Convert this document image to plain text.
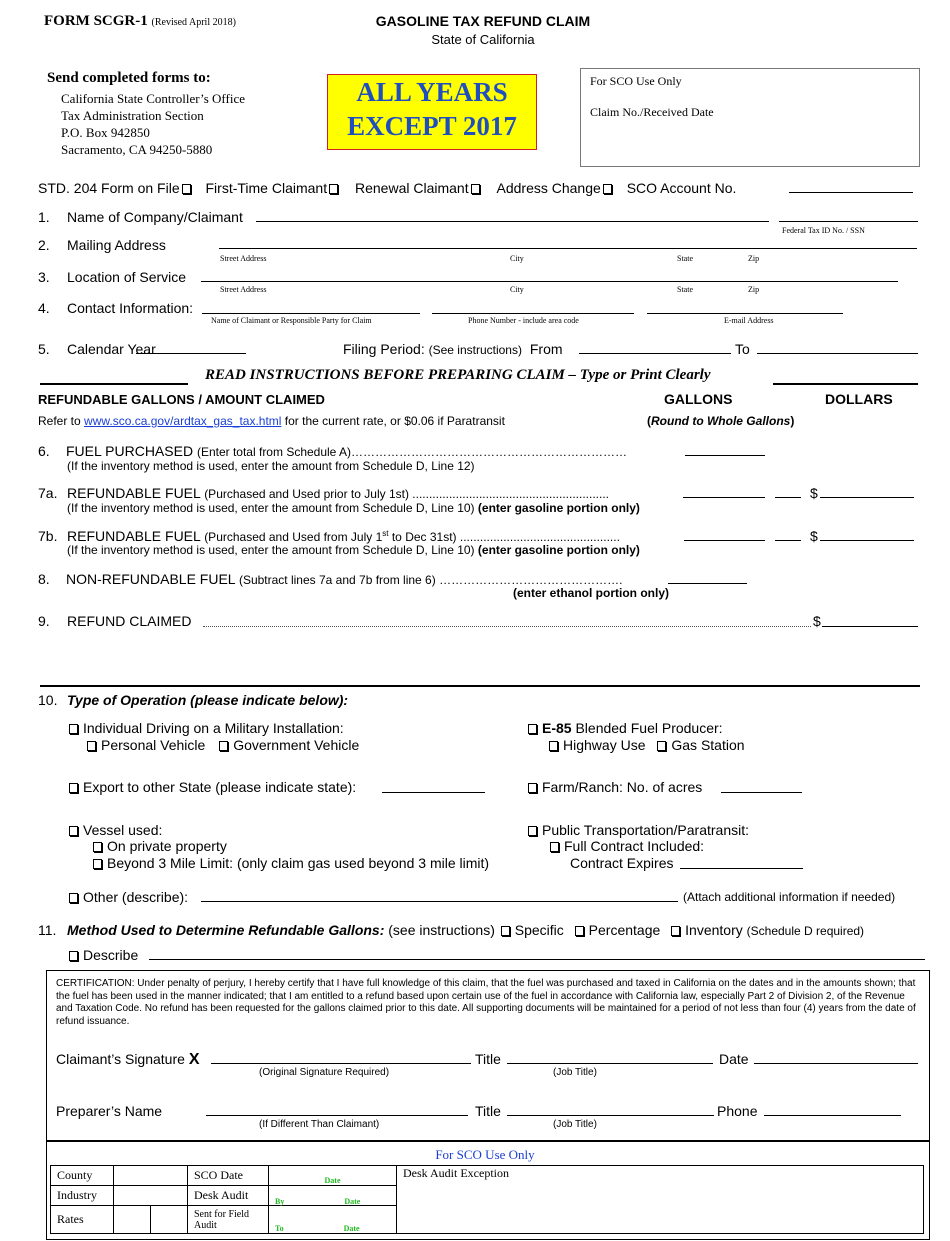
FORM SCGR-1 (Revised April 2018)	GASOLINE TAX REFUND CLAIM
State of California
Send completed forms to:
California State Controller’s Office
Tax Administration Section
P.O. Box 942850
Sacramento, CA 94250-5880
ALL YEARS
EXCEPT 2017
For SCO Use Only
Claim No./Received Date
STD. 204 Form on File First-Time Claimant Renewal Claimant Address Change SCO Account No.
1. Name of Company/Claimant
Federal Tax ID No. / SSN
2. Mailing Address
Street Address	City	State	Zip
3. Location of Service
Street Address	City	State	Zip
4. Contact Information:
Name of Claimant or Responsible Party for Claim	Phone Number - include area code	E-mail Address
5. Calendar Year	Filing Period: (See instructions) From	To
READ INSTRUCTIONS BEFORE PREPARING CLAIM – Type or Print Clearly
REFUNDABLE GALLONS / AMOUNT CLAIMED	GALLONS	DOLLARS
Refer to www.sco.ca.gov/ardtax_gas_tax.html for the current rate, or $0.06 if Paratransit	(Round to Whole Gallons)
6. FUEL PURCHASED (Enter total from Schedule A)……………………………………………………………
(If the inventory method is used, enter the amount from Schedule D, Line 12)
7a. REFUNDABLE FUEL (Purchased and Used prior to July 1st) ...........................................................	$
(If the inventory method is used, enter the amount from Schedule D, Line 10) (enter gasoline portion only)
7b. REFUNDABLE FUEL (Purchased and Used from July 1st to Dec 31st) ................................................	$
(If the inventory method is used, enter the amount from Schedule D, Line 10) (enter gasoline portion only)
8. NON-REFUNDABLE FUEL (Subtract lines 7a and 7b from line 6) ……………………………………….
(enter ethanol portion only)
9. REFUND CLAIMED	$
10. Type of Operation (please indicate below):
Individual Driving on a Military Installation:
Personal Vehicle Government Vehicle
E-85 Blended Fuel Producer:
Highway Use Gas Station
Export to other State (please indicate state):	Farm/Ranch: No. of acres
Vessel used:
On private property
Beyond 3 Mile Limit: (only claim gas used beyond 3 mile limit)
Public Transportation/Paratransit:
Full Contract Included:
Contract Expires
Other (describe):	(Attach additional information if needed)
11. Method Used to Determine Refundable Gallons: (see instructions) Specific Percentage Inventory (Schedule D required)
Describe
CERTIFICATION: Under penalty of perjury, I hereby certify that I have full knowledge of this claim, that the fuel was purchased and taxed in California on the dates and in the amounts shown; that the fuel has been used in the manner indicated; that I am entitled to a refund based upon certain use of the fuel in accordance with California law, especially Part 2 of Division 2, of the Revenue and Taxation Code. No refund has been requested for the gallons claimed prior to this date. All supporting documents will be maintained for a period of not less than four (4) years from the date of refund issuance.
Claimant’s Signature X	Title	Date
(Original Signature Required)	(Job Title)
Preparer’s Name	Title	Phone
(If Different Than Claimant)	(Job Title)
For SCO Use Only
County			SCO Date	$_{Date}$	Desk Audit Exception
Industry			Desk Audit	$_{By}$ $_{Date}$
Rates			Sent for Field
Audit	$_{To}$ $_{Date}$
